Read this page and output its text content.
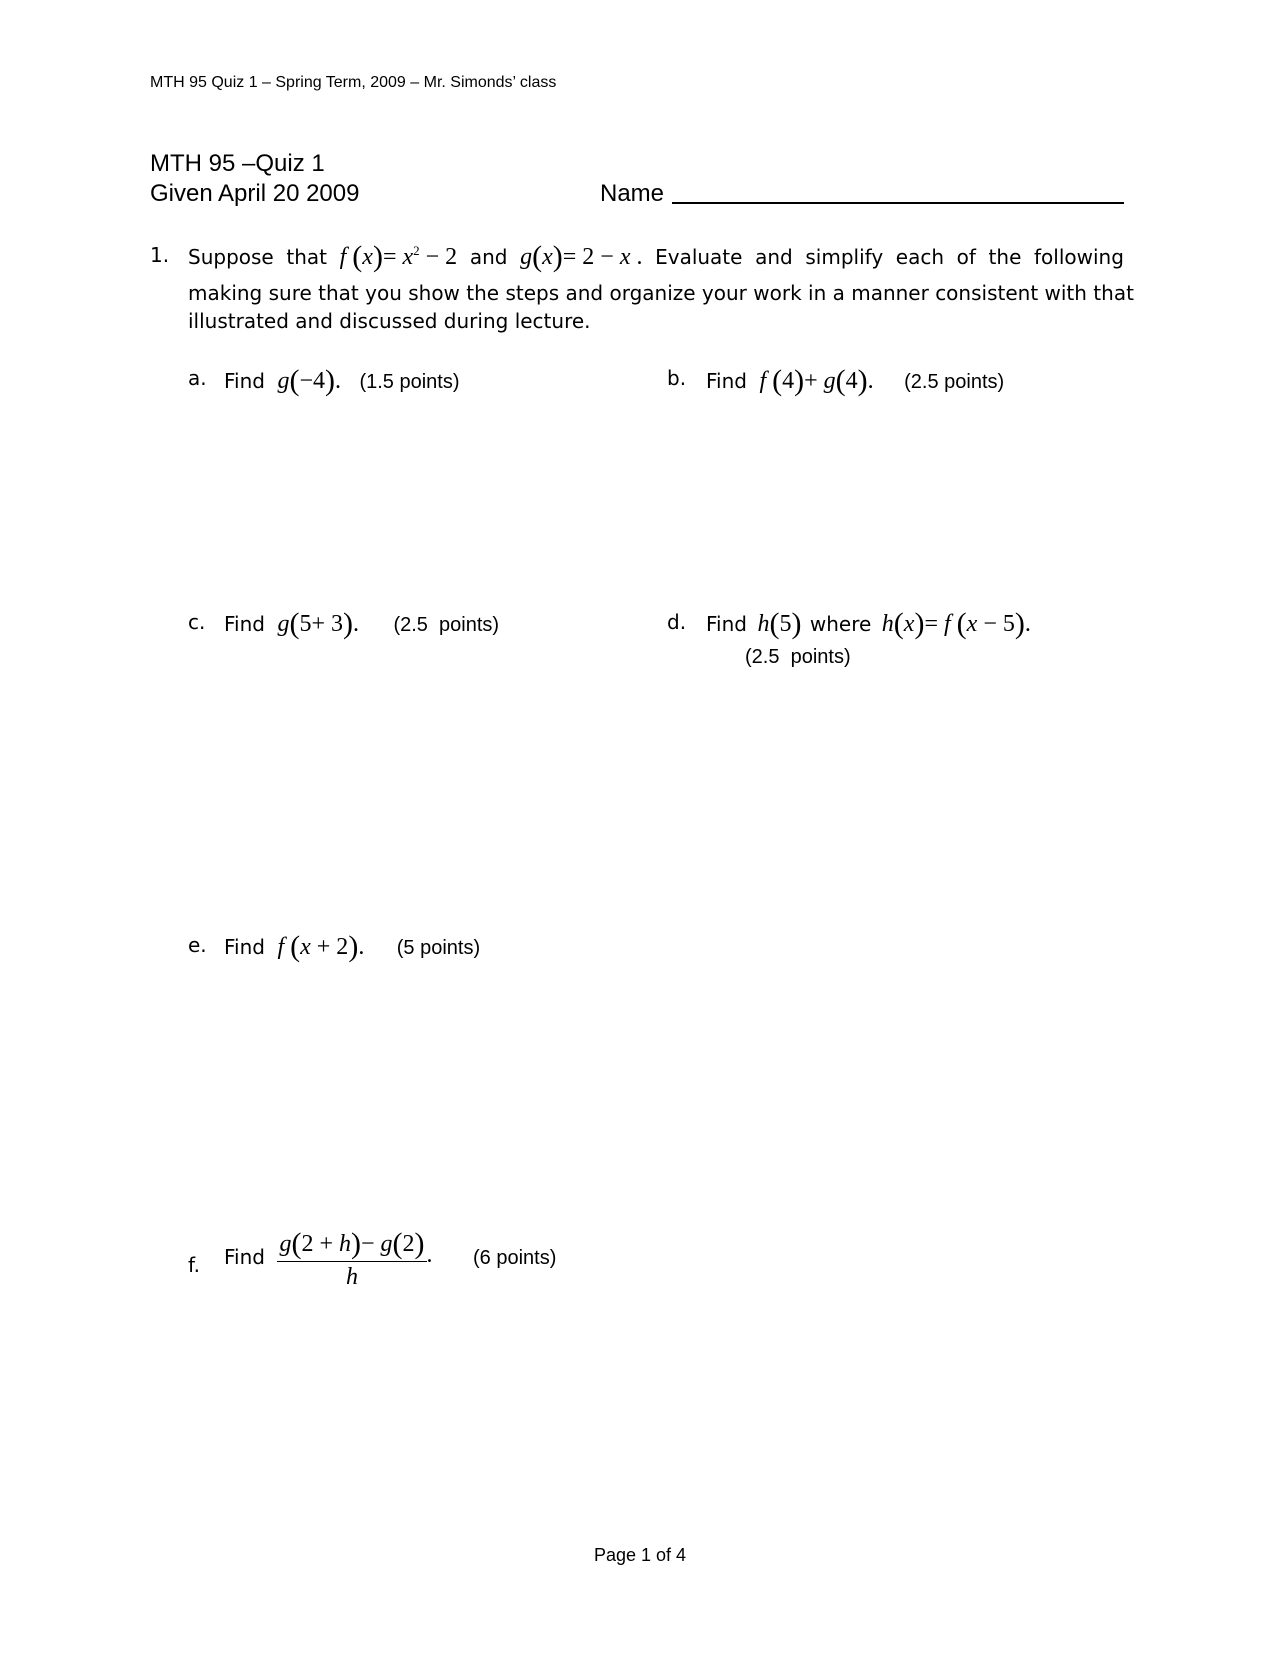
MTH 95 Quiz 1 – Spring Term, 2009 – Mr. Simonds’ class
MTH 95 –Quiz 1
Given April 20 2009	Name
1. Suppose that f $(x)= x^2 - 2$ and g(x)= 2 − x . Evaluate and simplify each of the following
making sure that you show the steps and organize your work in a manner consistent with that
illustrated and discussed during lecture.
a. Find g(−4). (1.5 points)	b. Find f (4)+ g(4). (2.5 points)
c. Find g(5+ 3). (2.5  points)	d. Find h(5) where h(x)= f (x − 5).
(2.5  points)
e. Find f (x + 2). (5 points)
f. Find $\frac{g(2 + h)- g(2)}{h}$ . (6 points)
Page 1 of 4
